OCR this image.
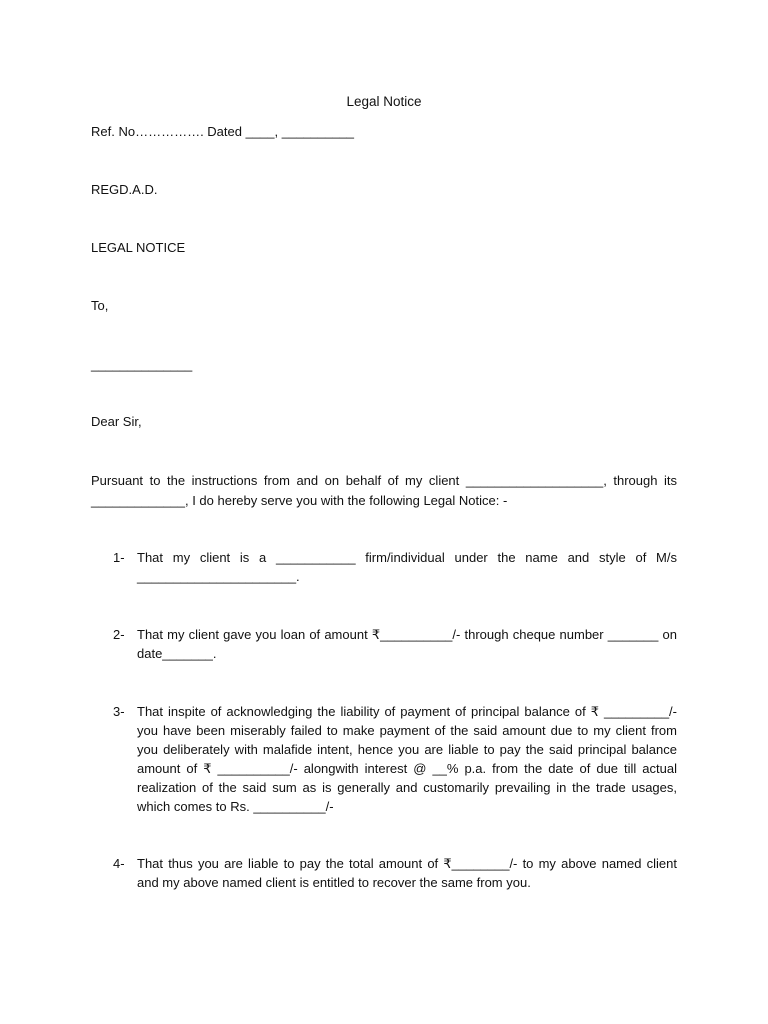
Legal Notice
Ref. No……………. Dated ____, __________
REGD.A.D.
LEGAL NOTICE
To,
______________
Dear Sir,
Pursuant to the instructions from and on behalf of my client ___________________, through its _____________, I do hereby serve you with the following Legal Notice: -
1- That my client is a ___________ firm/individual under the name and style of M/s ______________________.
2- That my client gave you loan of amount ₹__________/- through cheque number _______ on date_______.
3- That inspite of acknowledging the liability of payment of principal balance of ₹ _________/- you have been miserably failed to make payment of the said amount due to my client from you deliberately with malafide intent, hence you are liable to pay the said principal balance amount of ₹ __________/- alongwith interest @ __% p.a. from the date of due till actual realization of the said sum as is generally and customarily prevailing in the trade usages, which comes to Rs. __________/-
4- That thus you are liable to pay the total amount of ₹________/- to my above named client and my above named client is entitled to recover the same from you.
